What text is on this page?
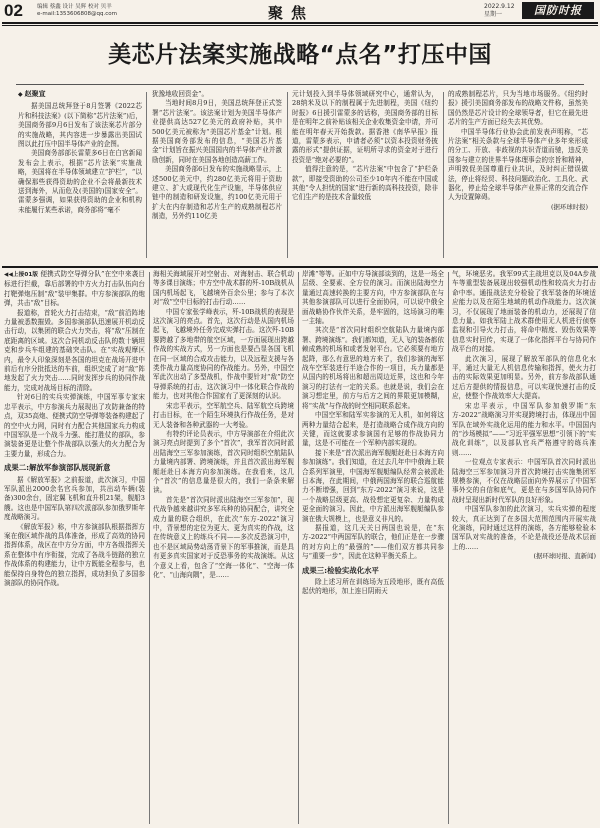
02	编辑 蔡鑫 设计 吴辉 校对 贝羊
e-mail:1353606808@qq.com	聚焦	2022.9.12
星期一	国防时报
美芯片法案实施战略“点名”打压中国
◆ 赵聚宣

据美国总统拜登于8月签署《2022芯片和科技法案》(以下简称“芯片法案”)后，美国商务部9月6日发布了该法案芯片部分的实施战略，其内容进一步暴露出美国试图以此打压中国半导体产业的企图。

美国商务部部长雷蒙多6日在白宫新闻发布会上表示，根据“芯片法案”实施战略，美国将在半导体领域建立“护栏”，“以确保那些获得资助的企业不会将最新技术送到海外，从而危及(美国的)国家安全”。雷蒙多强调，如果获得资助的企业和机构未能履行某些承诺，商务部将“毫不

犹豫地收回资金”。

当地时间8月9日，美国总统拜登正式签署“芯片法案”。该法案计划为美国半导体产业提供高达527亿美元的政府补贴，其中500亿美元被称为“美国芯片基金”计划。根据美国商务部发布的信息，“美国芯片基金”计划旨在振兴美国国内的半导体产业并激励创新，同时在美国各地创造高薪工作。

美国商务部6日发布的实施战略显示，上述500亿美元中，约280亿美元将用于资助建立、扩大或现代化生产设施，半导体供应链中的制造和研发设施，约100亿美元用于扩大在内存制造和芯片生产的成熟制程芯片制造，另外约110亿美

元计划投入到半导体领域研究中心，通常认为，28纳米及以下的制程属于先进制程，美国《纽约时报》6日援引雷蒙多的话称，美国商务部的目标是在明年之前补贴该相关企业收集资金申请，并可能在明年春天开始拨款。据香港《南华早报》报道，雷蒙多表示，申请者必须“以资本投资财务披露的形式”提供证据，证明所寻求的资金对于进行投资是“绝对必要的”。

值得注意的是，“芯片法案”中包含了“护栏条款”，即接受资助的公司至少10年内不能在中国或其他“令人担忧的国家”进行新的高科技投资，除非它们生产的是技术含量较低

的成熟制程芯片，只为当地市场服务。《纽约时报》援引美国商务部发布的战略文件称，虽然美国仍然是芯片设计的全球领导者，但它在最先进芯片的生产方面已经失去其优势。

中国半导体行业协会此前发表声明称，“芯片法案”相关条款与全球半导体产业多年来形成的分工、开放、非歧视的共识背道而驰，违反美国参与建立的世界半导体理事会的宗旨和精神，声明敦促美国尊重行业共识，及时纠正错误做法，停止将经贸、科技问题政治化、工具化、武器化，停止给全球半导体产业界正常的交流合作人为设置障碍。

(据环球时报)

◀◀上接01版 便携式防空导弹分队”在空中来袭目标进行拦截，靠后部署的中方火力打击队伍向台打靶弹炮压制“敌”装甲集群。中方参演部队的炮弹，共击“敌”目标。

报道称，首轮火力打击结束，“敌”前沿阵地力量被悉数摧毁。多国参演部队迅速展开机动反击行动，以集团的联合火力突击，将“敌”压制在底距离的区域。这次合同机动反击队的数十辆坦克和步兵车组建的基础突击队。在“实战观摩区内，最令人印象深刻是各国的坦克在战场开进中前后有序分批抵达的车前，组织完成了对“敌”阵地发起了火力突击……同时发挥步兵的协同作战能力，完成对战场目标的清除。

针对6日的实兵实弹演练，中国军事专家宋忠平表示，中方参演兵力展现出了攻防兼备的特点，双35高炮、便携式防空导弹等装备构建起了的空中火力网，同时有力配合其他国家兵力构成中国军队是一个战斗力强、能打胜仗的部队，参演装备更是让整个作战部队以强大的火力配合为主要力量，形成合力。

成果二:解放军参演部队展现新意

据《解放军报》之前报道，此次演习，中国军队派出2000余名官兵参加，共出动车辆(装备)300余台，固定翼飞机和直升机21架，舰船3艘。这也是中国军队第四次派部队参加俄罗斯年度战略演习。

《解放军报》称，中方参演部队根据指挥方案在俄区域作战的具体准备，形成了高效的协同指挥体系，战区在中方分方面，中方各级指挥关系在整体中有序衔接，完成了各战斗链路的独立作战体系的构建能力，让中方既能全程参与，也能保持自身特色的独立指挥，成功担负了多国参演部队的协同作战。

海相关海域展开对空射击、对海射击、联合机动等多课目演练；中方空中战术群的歼-10B战机从国内机场起飞，飞越境外百余公里；参与了本次对“敌”空中目标的打击行动……

中国专家张学峰表示，歼-10B战机的表现是这次演习的亮点。首先，这次行动是从国内机场起飞，飞越境外任务完成实弹打击。这次歼-10B要跨越了多地带的航空区域，一方面展现出跨越作战的实战方式，另一方面也是要凸显各国飞机在同一区域的合成攻击能力，以及远程支援与各类作战力量高度协同的作战能力。另外，中国空军此次出动了多型战机，作战中要针对“敌”防空导弹系统的打击，这次演习中一体化联合作战的能力，也对其他合作国家有了更深刻的认识。

宋忠平表示，空军航空兵、陆军航空兵跨境打击目标，在一个陌生环境执行作战任务，是对无人装备和各种武器的一大考验。

有特约评论员表示，中方导演部在介绍此次演习亮点时提到了多个“首次”，我军首次同时派出陆海空三军参加演练，首次同时组织空航陆队力量境内部署、跨境演练，并且首次派出海军舰艇赶赴日本海方向参加演练。在我看来，这几个“首次”的信息量是很大的，我们一条条来解读。

首先是“首次同时派出陆海空三军参加”，现代战争越来越讲究多军兵种的协同配合，讲究全成力量的联合组织，在此次“东方-2022”演习中，背景想的定位为更大、更为真实的作战，这在传统意义上的练兵不同——多次反恐演习中，也不是区域局势动荡背景下的军事推演，而是具有更多真实国家对于反恐事务的实战演练。从这个意义上看，包含了“空海一体化”、“空海一体化”、“山海向隅”，是……

岸滩”等等。正如中方导演部谈到的，这是一场全层级、全要素、全方位的演习。而演出陆海空力量通过高速转换的主要方向，中方参演部队在与其他参演部队可以进行全面协同，可以说中俄全面战略协作伙伴关系，是牢固的，这场演习的唯一主轴。

其次是“首次同时组织空航陆队力量境内部署、跨境演练”。我们都知道，无人飞的装备都依赖成熟的机场和或者发射平台。它必须要有地方起降，那么有意思的地方来了，我们参演的海军战车空军装进行半途合作的一项目，兵力量都是从国内的机场将出和超出周边近界，这也和今年演习的打法有一定的关系。也就是说，我们会在演习想定里，前方与后方之间的界限更加模糊，将“实战”与作战的时空相同联系起来。

中国空军和陆军实参演的无人机，如何将这两种力量结合起来，是打造战略合成作战方向的关键，而这就要求参演国有足够的作战协同力量，这是不可能在一个军种内部实现的。

接下来是“首次派出海军舰艇赶赴日本海方向参加演练”。我们知道，在过去几年中中俄海上联合系列军演里，中国海军舰艇编队经常会被派赴日本海，在此期间，中俄两国海军的联合巡航能力不断增强，回到“东方-2022”演习来说，这是一个战略层级更高、战役想定更复杂、力量构成更全面的演习。因此，中方派出海军舰艇编队参演在俄大规模上，也是意义非凡的。

据报道，这几天关日两国也说是，在“东方-2022”中两国军队的联合，他们正是在一步骤的对方向上的“最强的”——他们双方都共同参与“重要一步”，因此在这种平衡关系上。

成果三:检验实战化水平

除上述习所在训练场为五段地形，既有高低起伏的地形，加上连日阴雨天

气，环境恶劣。我军99式主战坦克以及04A步战车等重型装备展现出较强机动性和较高火力打击命中率。通报战法充分检验了我军装备的环境适应能力以及在陌生地域的机动作战能力。这次演习，不仅展现了地面装备的机动力，还展现了信息力量。如我军陆上战术群使用无人机进行侦察监视和引导火力打击，将命中精度、毁伤效果等信息实时回传，实现了一体化指挥平台与协同作战平台的对接。

此次演习，展现了解放军部队的信息化水平，通过大量无人机信息传输和指挥，使火力打击的实际效果更加明显。另外，前方参战部队通过后方提供的情报信息，可以实现快速打击的反应，使整个作战效率大大提高。

宋忠平表示，中国军队参加俄罗斯“东方-2022”战略演习并实现跨境打击，体现出中国军队在域外实战化运用的能力和水平。中国国内的“沙场模拟”——“习近平强军思想”引领下的“实战化训练”，以及部队官兵严格遵守的练兵准则……

一位观点专家表示：中国军队首次同时派出陆海空三军参加演习并首次跨境打击实施集团军规模参演，不仅在战略层面向外界展示了中国军事外交的自信和底气，更是在与多国军队协同作战时呈现出新时代军队的良好形象。

中国军队参加的此次演习，实兵实弹的程度较大，真正达到了在多国大范围范围内开展实战化演练，同时通过这样的演练，各方能够检验本国军队对实战的准备，不论是战役还是战术层面上的……

(据环球时报、直新闻)
